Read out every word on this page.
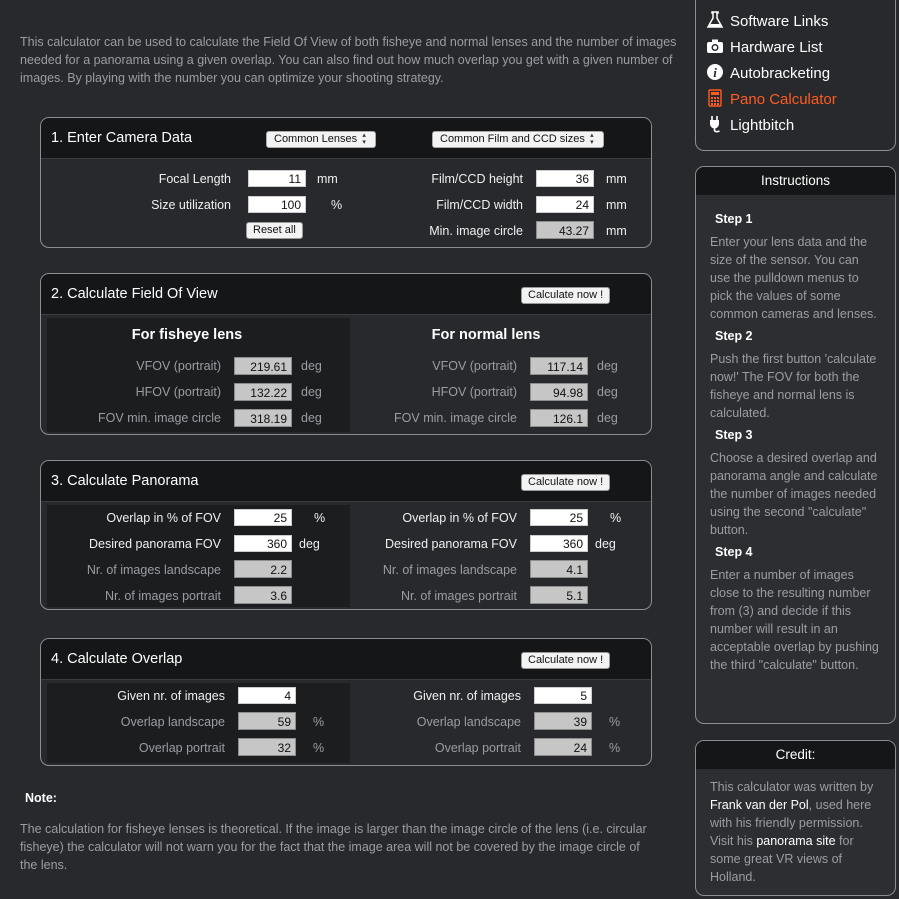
This calculator can be used to calculate the Field Of View of both fisheye and normal lenses and the number of images needed for a panorama using a given overlap. You can also find out how much overlap you get with a given number of images. By playing with the number you can optimize your shooting strategy.
Software Links
Hardware List
i Autobracketing
Pano Calculator
Lightbitch
Instructions
Step 1
Enter your lens data and the size of the sensor. You can use the pulldown menus to pick the values of some common cameras and lenses.
Step 2
Push the first button 'calculate now!' The FOV for both the fisheye and normal lens is calculated.
Step 3
Choose a desired overlap and panorama angle and calculate the number of images needed using the second "calculate" button.
Step 4
Enter a number of images close to the resulting number from (3) and decide if this number will result in an acceptable overlap by pushing the third "calculate" button.
Credit:
This calculator was written by Frank van der Pol, used here with his friendly permission. Visit his panorama site for some great VR views of Holland.
1. Enter Camera Data	Common Lenses ▴▾	Common Film and CCD sizes ▴▾
Focal Length	11	mm
Size utilization	100	%
Reset all
Film/CCD height	36	mm
Film/CCD width	24	mm
Min. image circle	43.27	mm
2. Calculate Field Of View	Calculate now !
For fisheye lens
VFOV (portrait)	219.61	deg
HFOV (portrait)	132.22	deg
FOV min. image circle	318.19	deg
For normal lens
VFOV (portrait)	117.14	deg
HFOV (portrait)	94.98	deg
FOV min. image circle	126.1	deg
3. Calculate Panorama	Calculate now !
Overlap in % of FOV	25	%
Desired panorama FOV	360 deg
Nr. of images landscape	2.2
Nr. of images portrait	3.6
Overlap in % of FOV	25	%
Desired panorama FOV	360 deg
Nr. of images landscape	4.1
Nr. of images portrait	5.1
4. Calculate Overlap	Calculate now !
Given nr. of images	4
Overlap landscape	59	%
Overlap portrait	32	%
Given nr. of images	5
Overlap landscape	39	%
Overlap portrait	24	%
Note:
The calculation for fisheye lenses is theoretical. If the image is larger than the image circle of the lens (i.e. circular fisheye) the calculator will not warn you for the fact that the image area will not be covered by the image circle of the lens.
